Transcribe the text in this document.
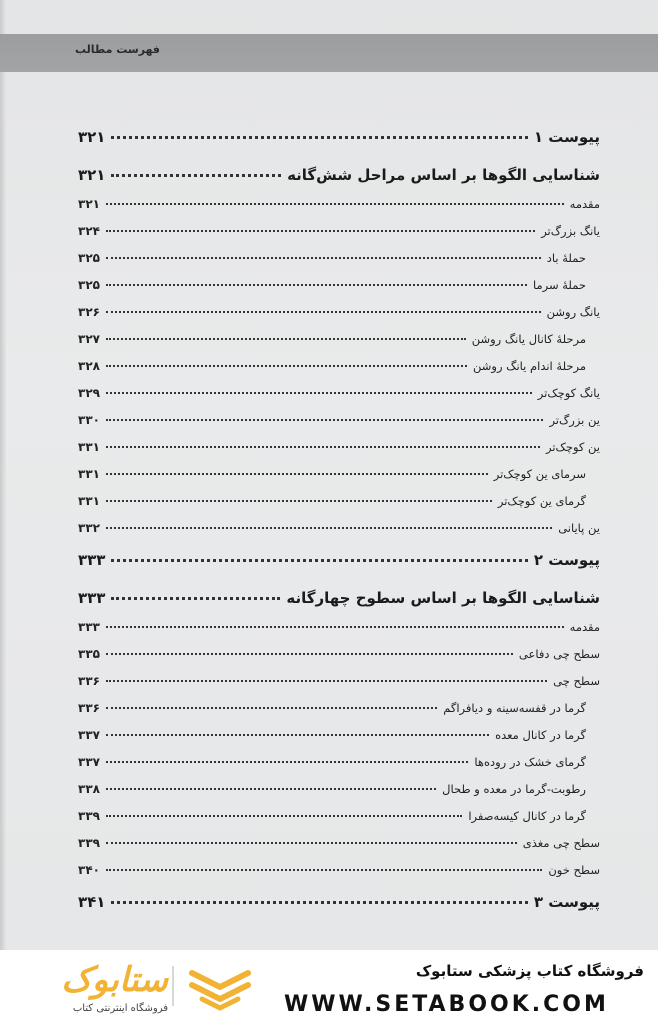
فهرست مطالب
پیوست ۱
۳۲۱
شناسایی الگوها بر اساس مراحل شش‌گانه
۳۲۱
مقدمه
۳۲۱
یانگ بزرگ‌تر
۳۲۴
حملهٔ باد
۳۲۵
حملهٔ سرما
۳۲۵
یانگ روشن
۳۲۶
مرحلهٔ کانال یانگ روشن
۳۲۷
مرحلهٔ اندام یانگ روشن
۳۲۸
یانگ کوچک‌تر
۳۲۹
ین بزرگ‌تر
۳۳۰
ین کوچک‌تر
۳۳۱
سرمای ین کوچک‌تر
۳۳۱
گرمای ین کوچک‌تر
۳۳۱
ین پایانی
۳۳۲
پیوست ۲
۳۳۳
شناسایی الگوها بر اساس سطوح چهارگانه
۳۳۳
مقدمه
۳۳۳
سطح چی دفاعی
۳۳۵
سطح چی
۳۳۶
گرما در قفسه‌سینه و دیافراگم
۳۳۶
گرما در کانال معده
۳۳۷
گرمای خشک در روده‌ها
۳۳۷
رطوبت-گرما در معده و طحال
۳۳۸
گرما در کانال کیسه‌صفرا
۳۳۹
سطح چی مغذی
۳۳۹
سطح خون
۳۴۰
پیوست ۳
۳۴۱
ستابوک
فروشگاه اینترنتی کتاب
فروشگاه کتاب پزشکی ستابوک
WWW.SETABOOK.COM
